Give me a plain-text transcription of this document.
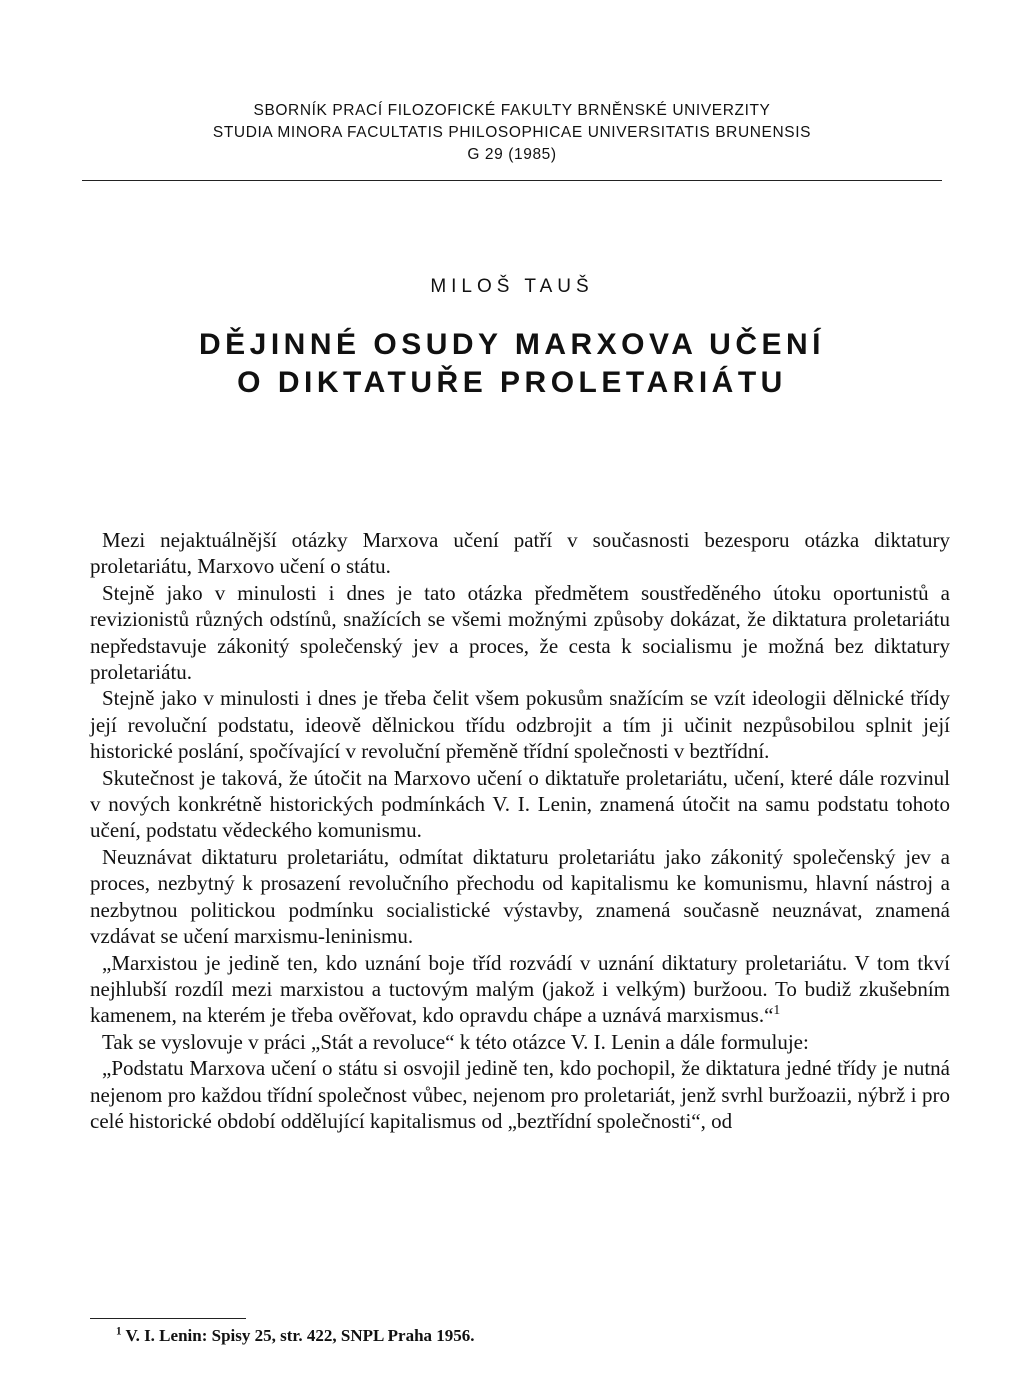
SBORNÍK PRACÍ FILOZOFICKÉ FAKULTY BRNĚNSKÉ UNIVERZITY
STUDIA MINORA FACULTATIS PHILOSOPHICAE UNIVERSITATIS BRUNENSIS
G 29 (1985)
MILOŠ TAUŠ
DĚJINNÉ OSUDY MARXOVA UČENÍ
O DIKTATUŘE PROLETARIÁTU

Mezi nejaktuálnější otázky Marxova učení patří v současnosti bezesporu otázka diktatury proletariátu, Marxovo učení o státu.

Stejně jako v minulosti i dnes je tato otázka předmětem soustředěného útoku oportunistů a revizionistů různých odstínů, snažících se všemi možnými způsoby dokázat, že diktatura proletariátu nepředstavuje zákonitý společenský jev a proces, že cesta k socialismu je možná bez diktatury proletariátu.

Stejně jako v minulosti i dnes je třeba čelit všem pokusům snažícím se vzít ideologii dělnické třídy její revoluční podstatu, ideově dělnickou třídu odzbrojit a tím ji učinit nezpůsobilou splnit její historické poslání, spočívající v revoluční přeměně třídní společnosti v beztřídní.

Skutečnost je taková, že útočit na Marxovo učení o diktatuře proletariátu, učení, které dále rozvinul v nových konkrétně historických podmínkách V. I. Lenin, znamená útočit na samu podstatu tohoto učení, podstatu vědeckého komunismu.

Neuznávat diktaturu proletariátu, odmítat diktaturu proletariátu jako zákonitý společenský jev a proces, nezbytný k prosazení revolučního přechodu od kapitalismu ke komunismu, hlavní nástroj a nezbytnou politickou podmínku socialistické výstavby, znamená současně neuznávat, znamená vzdávat se učení marxismu-leninismu.

„Marxistou je jedině ten, kdo uznání boje tříd rozvádí v uznání diktatury proletariátu. V tom tkví nejhlubší rozdíl mezi marxistou a tuctovým malým (jakož i velkým) buržoou. To budiž zkušebním kamenem, na kterém je třeba ověřovat, kdo opravdu chápe a uznává marxismus.“$^1$

Tak se vyslovuje v práci „Stát a revoluce“ k této otázce V. I. Lenin a dále formuluje:

„Podstatu Marxova učení o státu si osvojil jedině ten, kdo pochopil, že diktatura jedné třídy je nutná nejenom pro každou třídní společnost vůbec, nejenom pro proletariát, jenž svrhl buržoazii, nýbrž i pro celé historické období oddělující kapitalismus od „beztřídní společnosti“, od

$^1$ V. I. Lenin: Spisy 25, str. 422, SNPL Praha 1956.
